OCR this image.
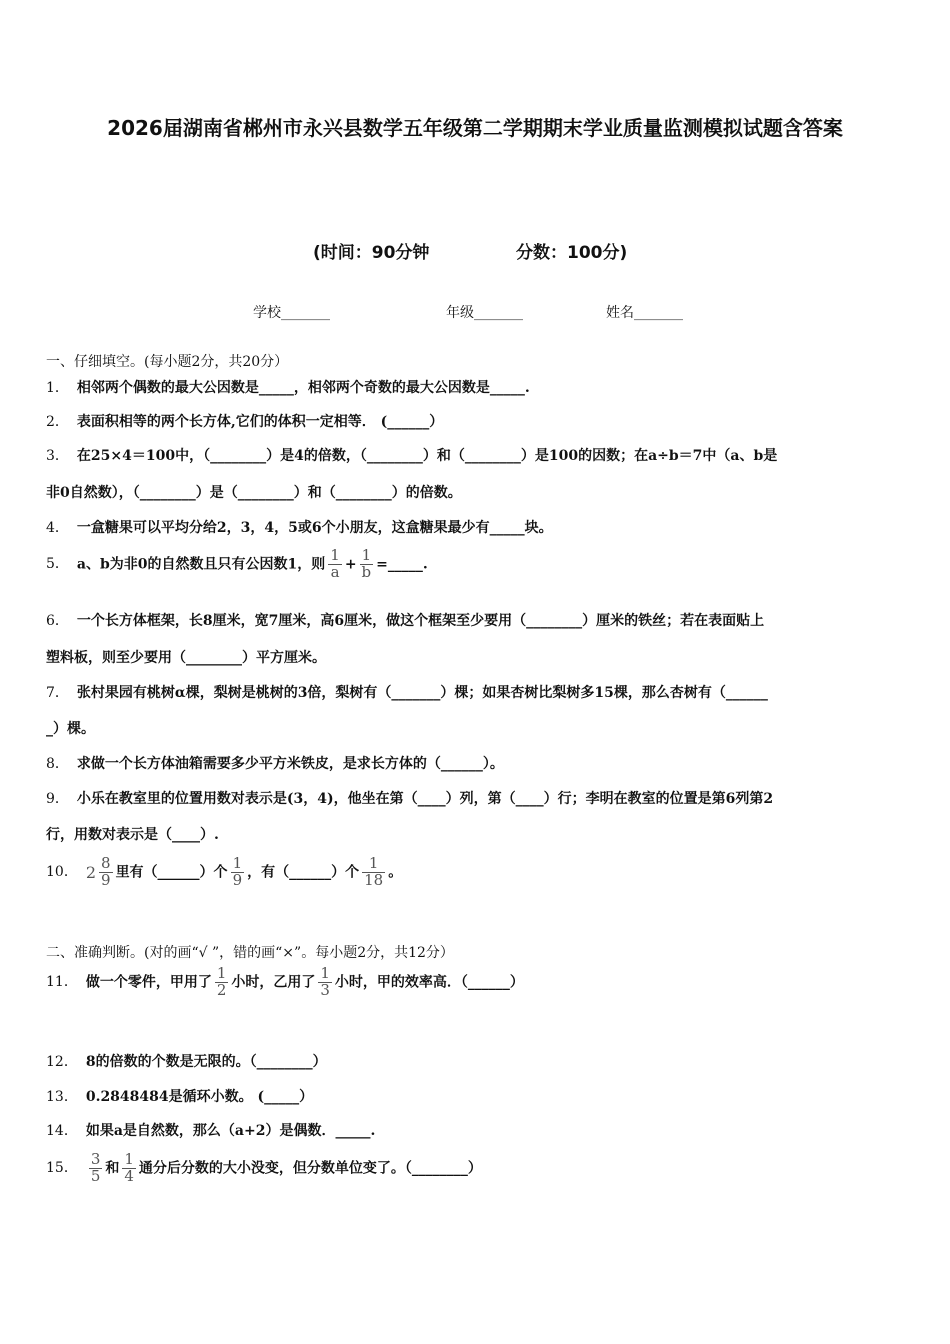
2026届湖南省郴州市永兴县数学五年级第二学期期末学业质量监测模拟试题含答案
(时间：90分钟	分数：100分)
学校_______	年级_______	姓名_______
一、仔细填空。(每小题2分，共20分）
1． 相邻两个偶数的最大公因数是_____，相邻两个奇数的最大公因数是_____.
2． 表面积相等的两个长方体,它们的体积一定相等． (______）
3． 在25×4＝100中，（________）是4的倍数，（________）和（________）是100的因数；在a÷b＝7中（a、b是
非0自然数），（________）是（________）和（________）的倍数。
4． 一盒糖果可以平均分给2，3，4，5或6个小朋友，这盒糖果最少有_____块。
5． a、b为非0的自然数且只有公因数1，则 $\frac{1}{a} + \frac{1}{b}$ =_____.
6． 一个长方体框架，长8厘米，宽7厘米，高6厘米，做这个框架至少要用（________）厘米的铁丝；若在表面贴上
塑料板，则至少要用（________）平方厘米。
7． 张村果园有桃树α棵，梨树是桃树的3倍，梨树有（_______）棵；如果杏树比梨树多15棵，那么杏树有（______
_）棵。
8． 求做一个长方体油箱需要多少平方米铁皮，是求长方体的（______）。
9． 小乐在教室里的位置用数对表示是(3，4)，他坐在第（____）列，第（____）行；李明在教室的位置是第6列第2
行，用数对表示是（____）.
10． $2 \frac{8}{9}$ 里有（______）个 $\frac{1}{9}$ ，有（______）个 $\frac{1}{18}$ 。
二、准确判断。(对的画“√ ”，错的画“×”。每小题2分，共12分）
11． 做一个零件，甲用了 $\frac{1}{2}$ 小时，乙用了 $\frac{1}{3}$ 小时，甲的效率高．（______）
12． 8的倍数的个数是无限的。（________）
13． 0.2848484是循环小数。 (_____）
14． 如果a是自然数，那么（a+2）是偶数．_____.
15． $\frac{3}{5}$ 和 $\frac{1}{4}$ 通分后分数的大小没变，但分数单位变了。（________）
